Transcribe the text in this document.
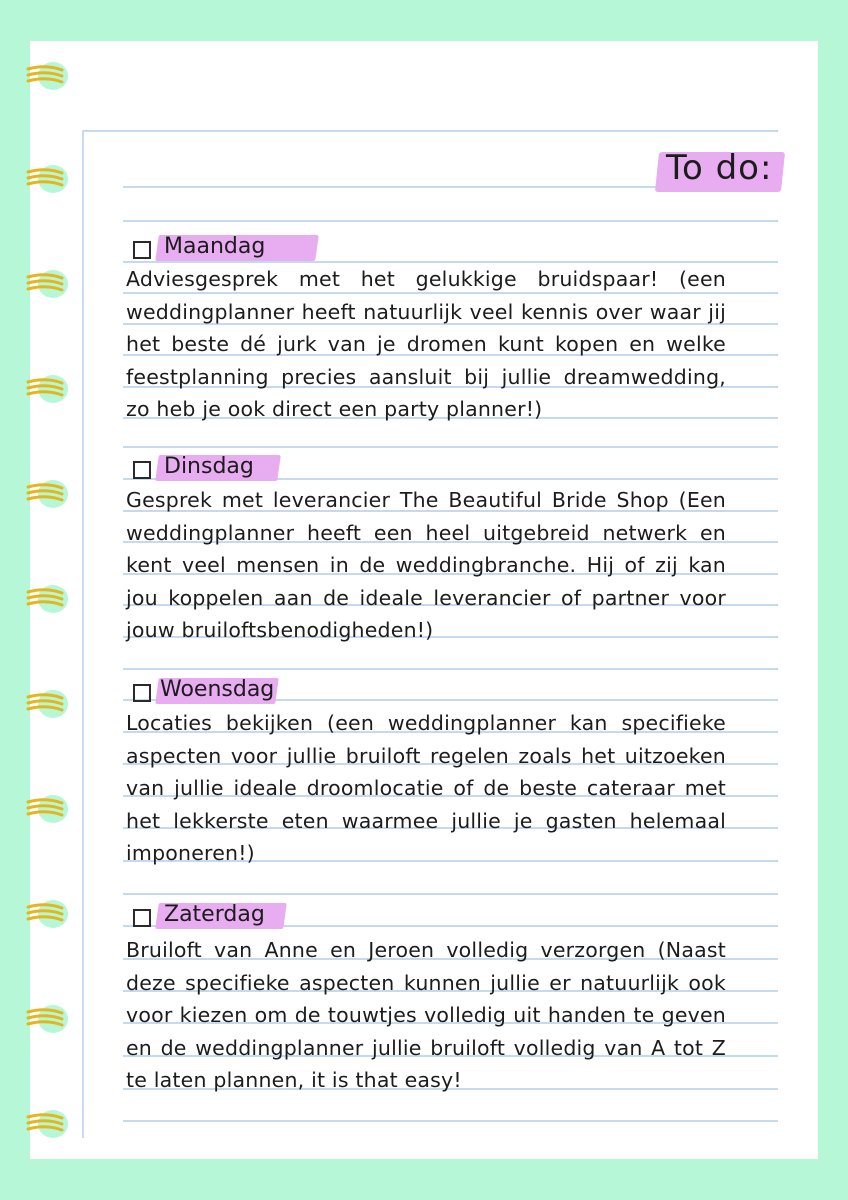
To do:
Maandag

Adviesgesprek met het gelukkige bruidspaar! (een weddingplanner heeft natuurlijk veel kennis over waar jij het beste dé jurk van je dromen kunt kopen en welke feestplanning precies aansluit bij jullie dreamwedding, zo heb je ook direct een party planner!)

Dinsdag

Gesprek met leverancier The Beautiful Bride Shop (Een weddingplanner heeft een heel uitgebreid netwerk en kent veel mensen in de weddingbranche. Hij of zij kan jou koppelen aan de ideale leverancier of partner voor jouw bruiloftsbenodigheden!)

Woensdag

Locaties bekijken (een weddingplanner kan specifieke aspecten voor jullie bruiloft regelen zoals het uitzoeken van jullie ideale droomlocatie of de beste cateraar met het lekkerste eten waarmee jullie je gasten helemaal imponeren!)

Zaterdag

Bruiloft van Anne en Jeroen volledig verzorgen (Naast deze specifieke aspecten kunnen jullie er natuurlijk ook voor kiezen om de touwtjes volledig uit handen te geven en de weddingplanner jullie bruiloft volledig van A tot Z te laten plannen, it is that easy!
